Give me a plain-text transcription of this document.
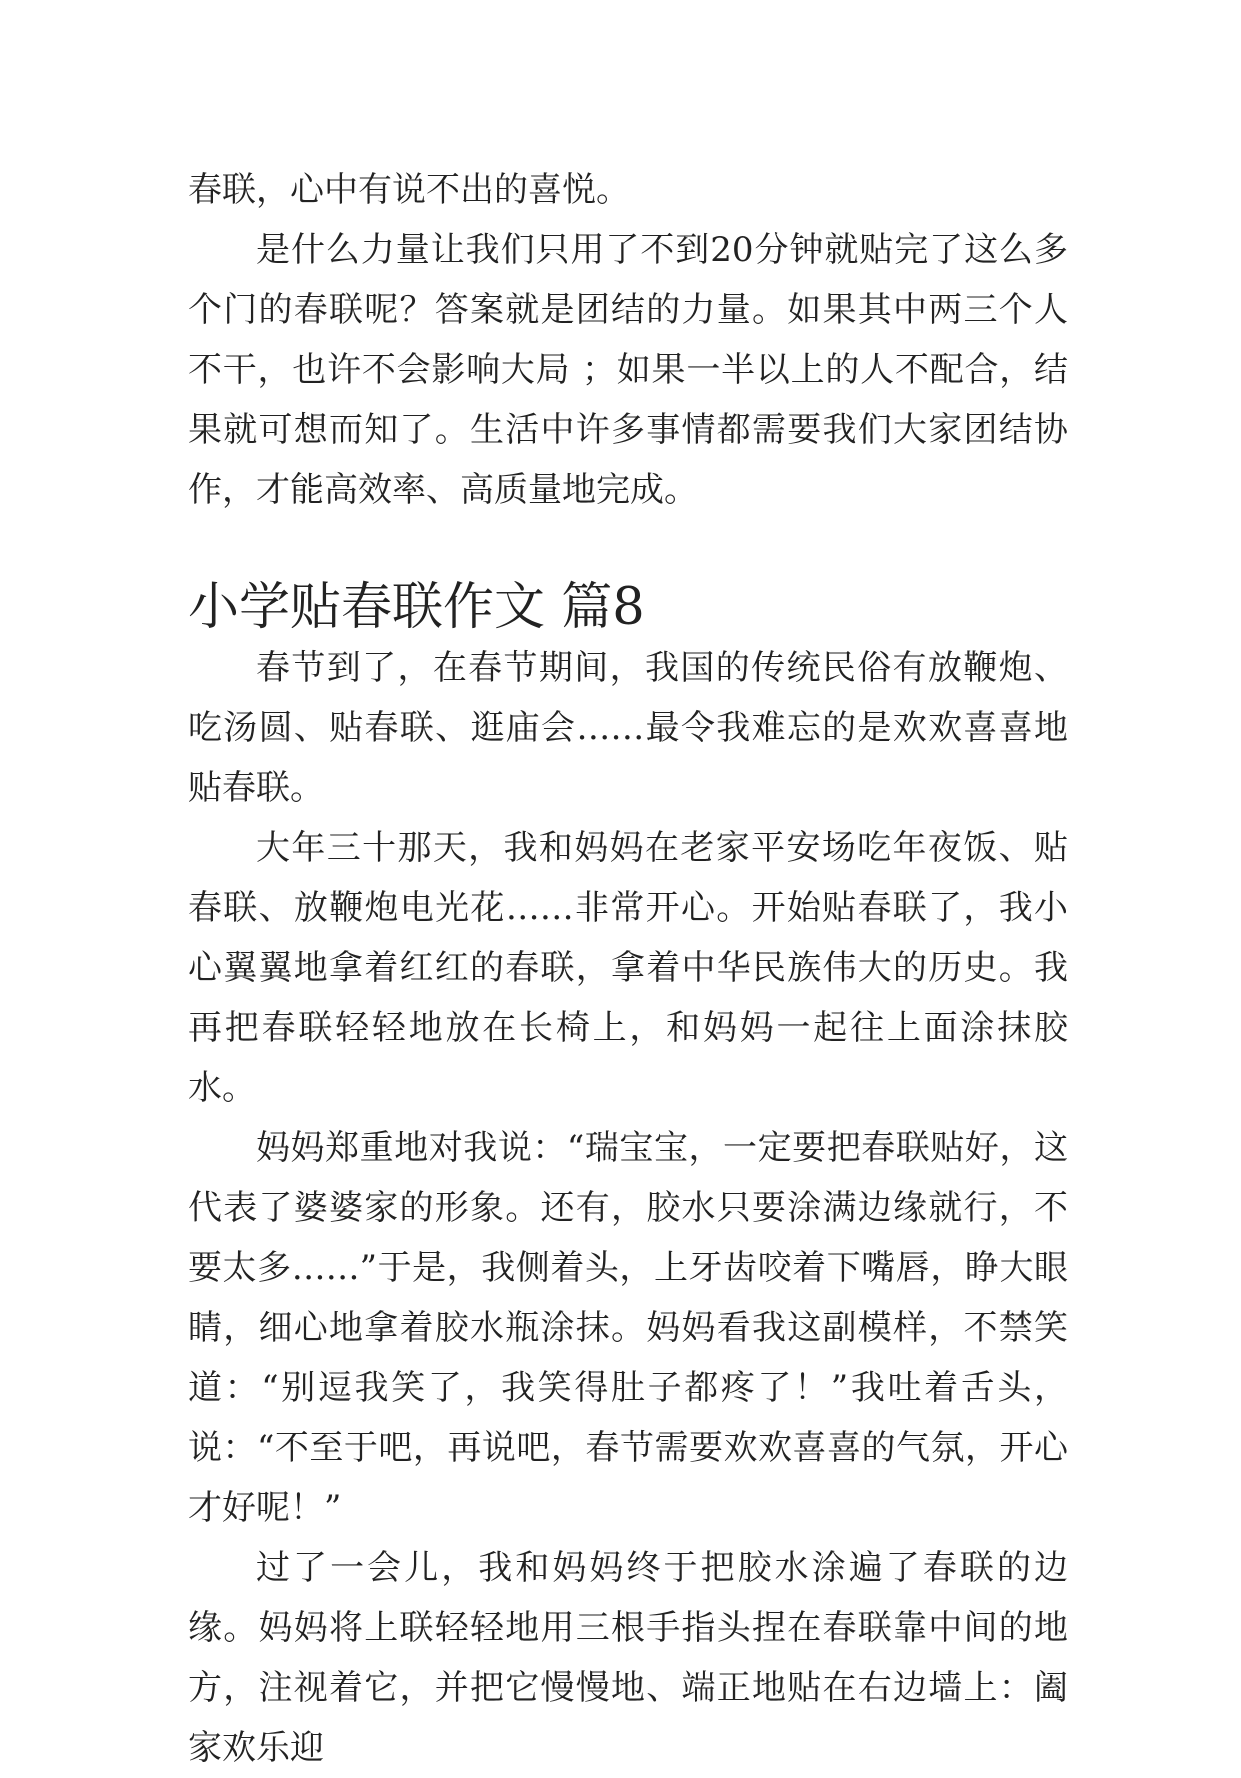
春联，心中有说不出的喜悦。

是什么力量让我们只用了不到20分钟就贴完了这么多个门的春联呢？答案就是团结的力量。如果其中两三个人不干，也许不会影响大局 ；如果一半以上的人不配合，结果就可想而知了。生活中许多事情都需要我们大家团结协作，才能高效率、高质量地完成。

小学贴春联作文 篇8

春节到了，在春节期间，我国的传统民俗有放鞭炮、吃汤圆、贴春联、逛庙会……最令我难忘的是欢欢喜喜地贴春联。

大年三十那天，我和妈妈在老家平安场吃年夜饭、贴春联、放鞭炮电光花……非常开心。开始贴春联了，我小心翼翼地拿着红红的春联，拿着中华民族伟大的历史。我再把春联轻轻地放在长椅上，和妈妈一起往上面涂抹胶水。

妈妈郑重地对我说：“瑞宝宝，一定要把春联贴好，这代表了婆婆家的形象。还有，胶水只要涂满边缘就行，不要太多……”于是，我侧着头，上牙齿咬着下嘴唇，睁大眼睛，细心地拿着胶水瓶涂抹。妈妈看我这副模样，不禁笑道：“别逗我笑了，我笑得肚子都疼了！”我吐着舌头，说：“不至于吧，再说吧，春节需要欢欢喜喜的气氛，开心才好呢！”

过了一会儿，我和妈妈终于把胶水涂遍了春联的边缘。妈妈将上联轻轻地用三根手指头捏在春联靠中间的地方，注视着它，并把它慢慢地、端正地贴在右边墙上：阖家欢乐迎
